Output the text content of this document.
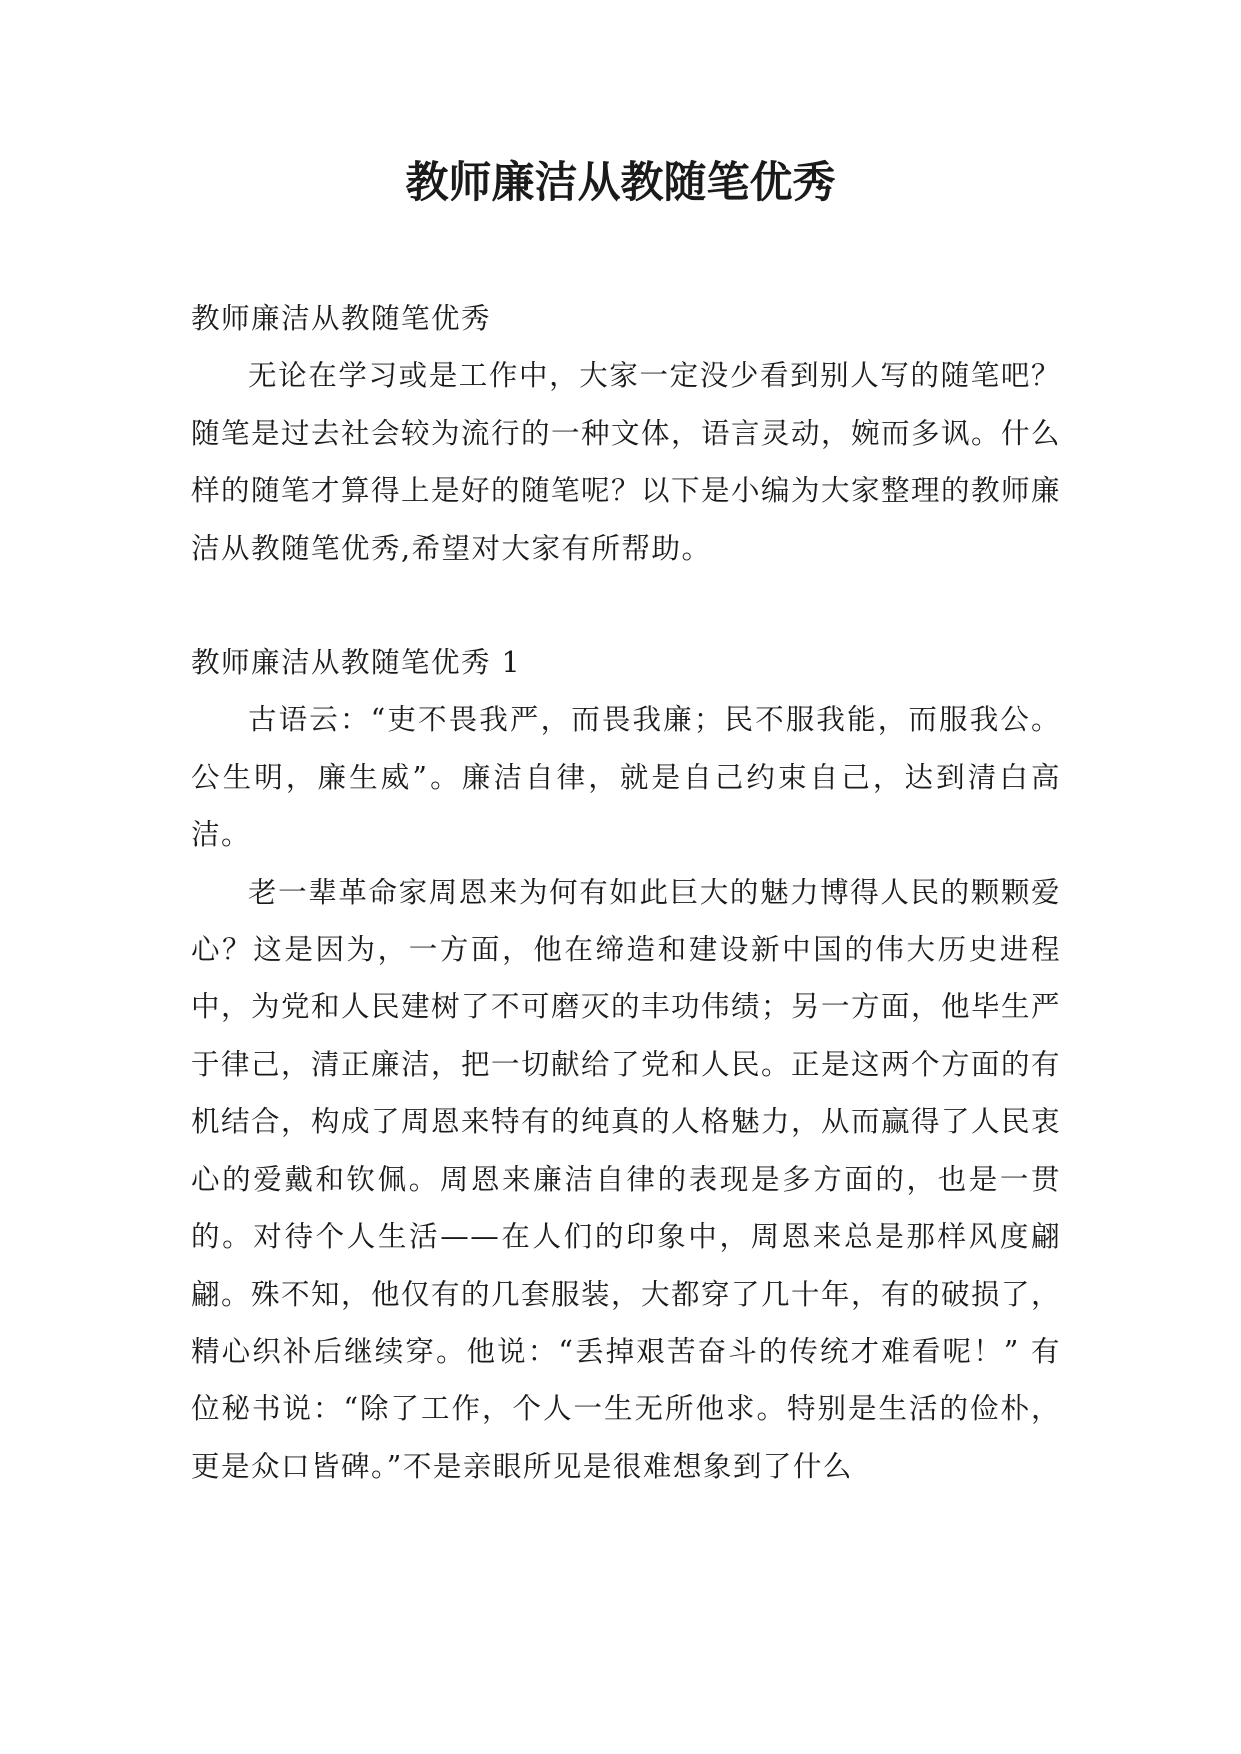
教师廉洁从教随笔优秀

教师廉洁从教随笔优秀

无论在学习或是工作中，大家一定没少看到别人写的随笔吧？随笔是过去社会较为流行的一种文体，语言灵动，婉而多讽。什么样的随笔才算得上是好的随笔呢？以下是小编为大家整理的教师廉洁从教随笔优秀,希望对大家有所帮助。

教师廉洁从教随笔优秀 1

古语云：“吏不畏我严，而畏我廉；民不服我能，而服我公。公生明，廉生威”。廉洁自律，就是自己约束自己，达到清白高洁。

老一辈革命家周恩来为何有如此巨大的魅力博得人民的颗颗爱心？这是因为，一方面，他在缔造和建设新中国的伟大历史进程中，为党和人民建树了不可磨灭的丰功伟绩；另一方面，他毕生严于律己，清正廉洁，把一切献给了党和人民。正是这两个方面的有机结合，构成了周恩来特有的纯真的人格魅力，从而赢得了人民衷心的爱戴和钦佩。周恩来廉洁自律的表现是多方面的，也是一贯的。对待个人生活——在人们的印象中，周恩来总是那样风度翩翩。殊不知，他仅有的几套服装，大都穿了几十年，有的破损了，精心织补后继续穿。他说：“丢掉艰苦奋斗的传统才难看呢！” 有位秘书说：“除了工作，个人一生无所他求。特别是生活的俭朴，更是众口皆碑。”不是亲眼所见是很难想象到了什么
